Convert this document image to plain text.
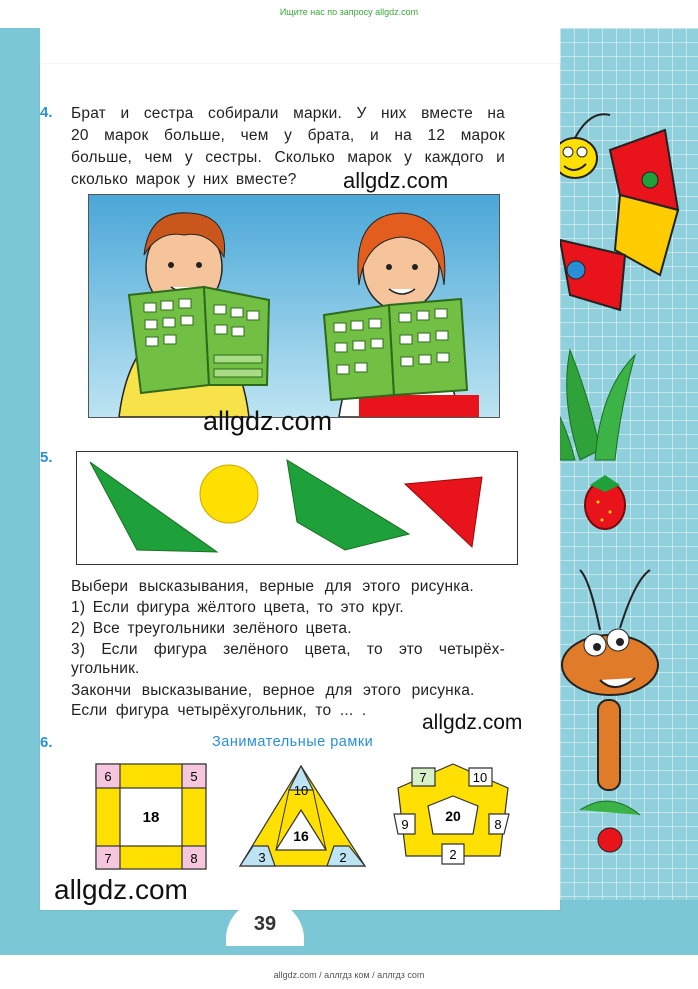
Ищите нас по запросу allgdz.com
4. Брат и сестра собирали марки. У них вместе на
20 марок больше, чем у брата, и на 12 марок
больше, чем у сестры. Сколько марок у каждого и
сколько марок у них вместе?	allgdz.com
allgdz.com
5.
Выбери высказывания, верные для этого рисунка.
1) Если фигура жёлтого цвета, то это круг.
2) Все треугольники зелёного цвета.
3) Если фигура зелёного цвета, то это четырёх-
угольник.
Закончи высказывание, верное для этого рисунка.
Если фигура четырёхугольник, то ... .
allgdz.com
6.	Занимательные рамки
6	5
7	8
18
10
3	2
16
7	10
9	8
2
20
allgdz.com
39
allgdz.com / аллгдз ком / аллгдз com
